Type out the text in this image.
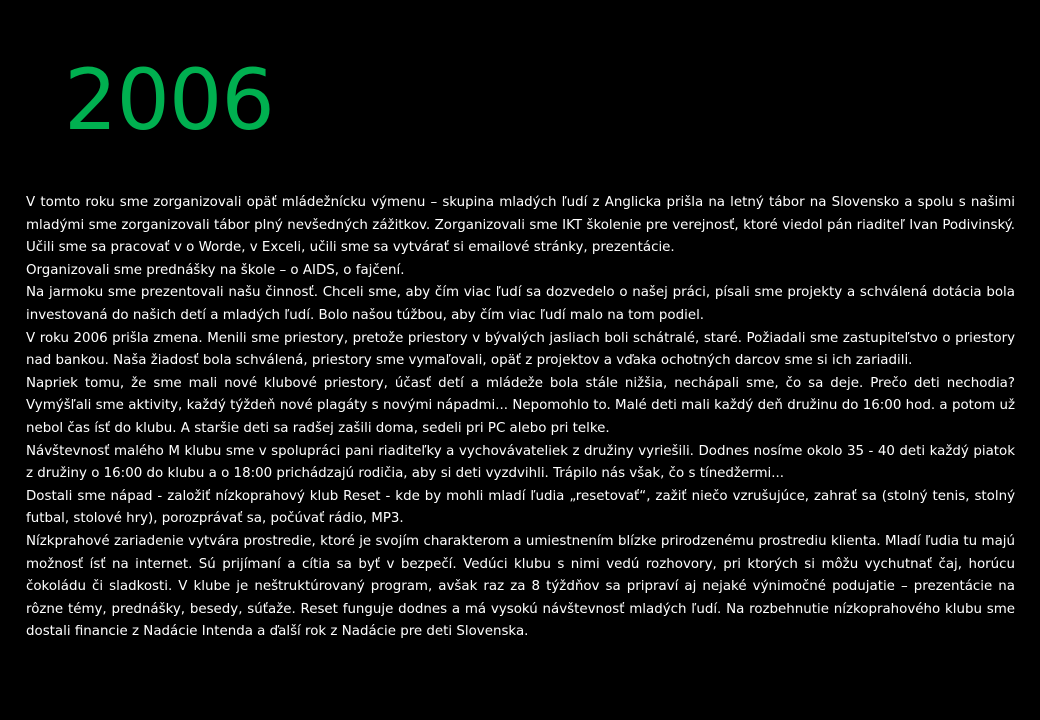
2006

V tomto roku sme zorganizovali opäť mládežnícku výmenu – skupina mladých ľudí z Anglicka prišla na letný tábor na Slovensko a spolu s našimi mladými sme zorganizovali tábor plný nevšedných zážitkov. Zorganizovali sme IKT školenie pre verejnosť, ktoré viedol pán riaditeľ Ivan Podivinský. Učili sme sa pracovať v o Worde, v Exceli, učili sme sa vytvárať si emailové stránky, prezentácie.

Organizovali sme prednášky na škole – o AIDS, o fajčení.

Na jarmoku sme prezentovali našu činnosť. Chceli sme, aby čím viac ľudí sa dozvedelo o našej práci, písali sme projekty a schválená dotácia bola investovaná do našich detí a mladých ľudí. Bolo našou túžbou, aby čím viac ľudí malo na tom podiel.

V roku 2006 prišla zmena. Menili sme priestory, pretože priestory v bývalých jasliach boli schátralé, staré. Požiadali sme zastupiteľstvo o priestory nad bankou. Naša žiadosť bola schválená, priestory sme vymaľovali, opäť z projektov a vďaka ochotných darcov sme si ich zariadili.

Napriek tomu, že sme mali nové klubové priestory, účasť detí a mládeže bola stále nižšia, nechápali sme, čo sa deje. Prečo deti nechodia? Vymýšľali sme aktivity, každý týždeň nové plagáty s novými nápadmi... Nepomohlo to. Malé deti mali každý deň družinu do 16:00 hod. a potom už nebol čas ísť do klubu. A staršie deti sa radšej zašili doma, sedeli pri PC alebo pri telke.

Návštevnosť malého M klubu sme v spolupráci pani riaditeľky a vychovávateliek z družiny vyriešili. Dodnes nosíme okolo 35 - 40 deti každý piatok z družiny o 16:00 do klubu a o 18:00 prichádzajú rodičia, aby si deti vyzdvihli. Trápilo nás však, čo s tínedžermi...

Dostali sme nápad - založiť nízkoprahový klub Reset - kde by mohli mladí ľudia „resetovať“, zažiť niečo vzrušujúce, zahrať sa (stolný tenis, stolný futbal, stolové hry), porozprávať sa, počúvať rádio, MP3.

Nízkprahové zariadenie vytvára prostredie, ktoré je svojím charakterom a umiestnením blízke prirodzenému prostrediu klienta. Mladí ľudia tu majú možnosť ísť na internet. Sú prijímaní a cítia sa byť v bezpečí. Vedúci klubu s nimi vedú rozhovory, pri ktorých si môžu vychutnať čaj, horúcu čokoládu či sladkosti. V klube je neštruktúrovaný program, avšak raz za 8 týždňov sa pripraví aj nejaké výnimočné podujatie – prezentácie na rôzne témy, prednášky, besedy, súťaže. Reset funguje dodnes a má vysokú návštevnosť mladých ľudí. Na rozbehnutie nízkoprahového klubu sme dostali financie z Nadácie Intenda a ďalší rok z Nadácie pre deti Slovenska.
